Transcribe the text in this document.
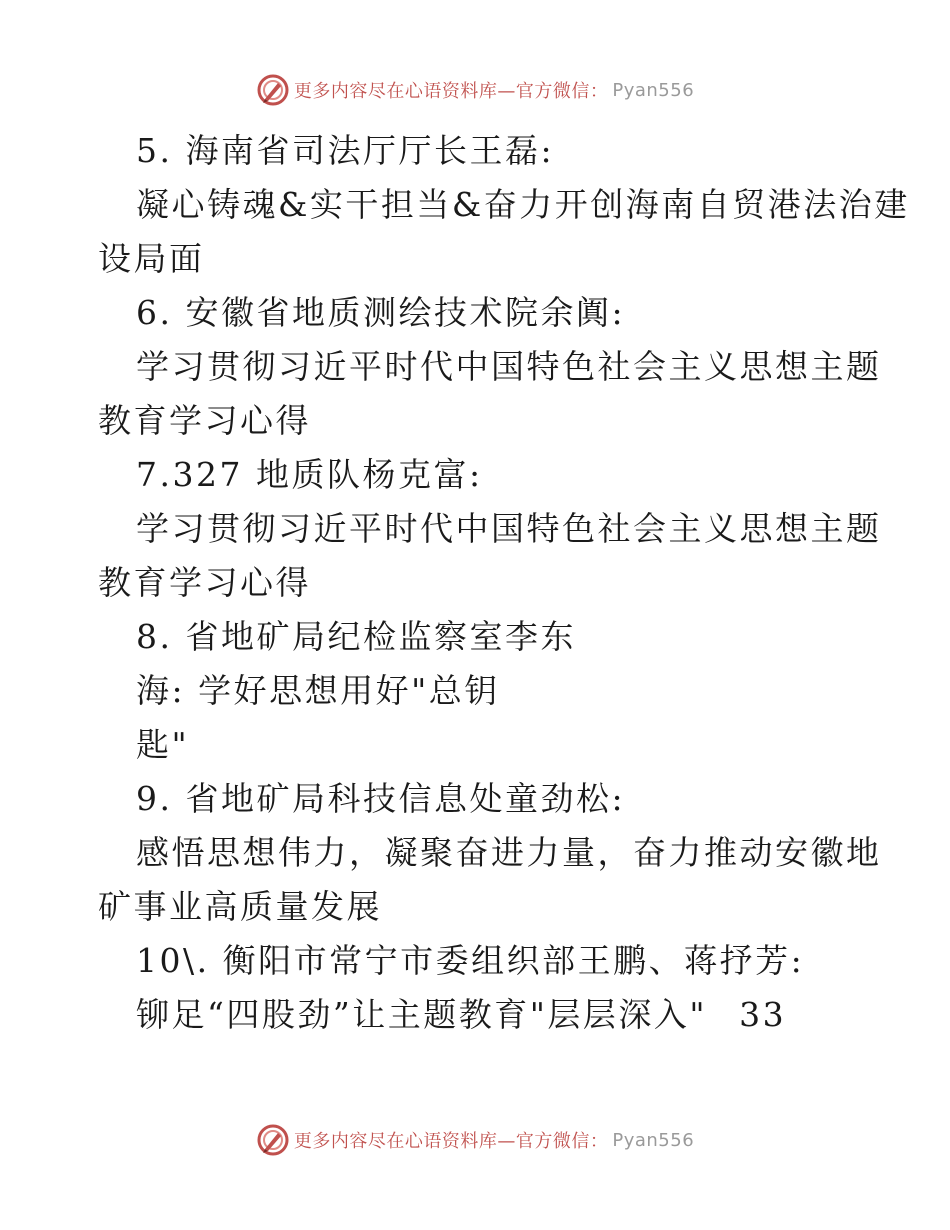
更多内容尽在心语资料库—官方微信： Pyan556
5. 海南省司法厅厅长王磊:
凝心铸魂&实干担当&奋力开创海南自贸港法治建
设局面
6. 安徽省地质测绘技术院余阗:
学习贯彻习近平时代中国特色社会主义思想主题
教育学习心得
7.327 地质队杨克富:
学习贯彻习近平时代中国特色社会主义思想主题
教育学习心得
8. 省地矿局纪检监察室李东
海: 学好思想用好"总钥
匙"
9. 省地矿局科技信息处童劲松:
感悟思想伟力，凝聚奋进力量，奋力推动安徽地
矿事业高质量发展
10\. 衡阳市常宁市委组织部王鹏、蒋抒芳:
铆足“四股劲”让主题教育"层层深入" 33
更多内容尽在心语资料库—官方微信： Pyan556
